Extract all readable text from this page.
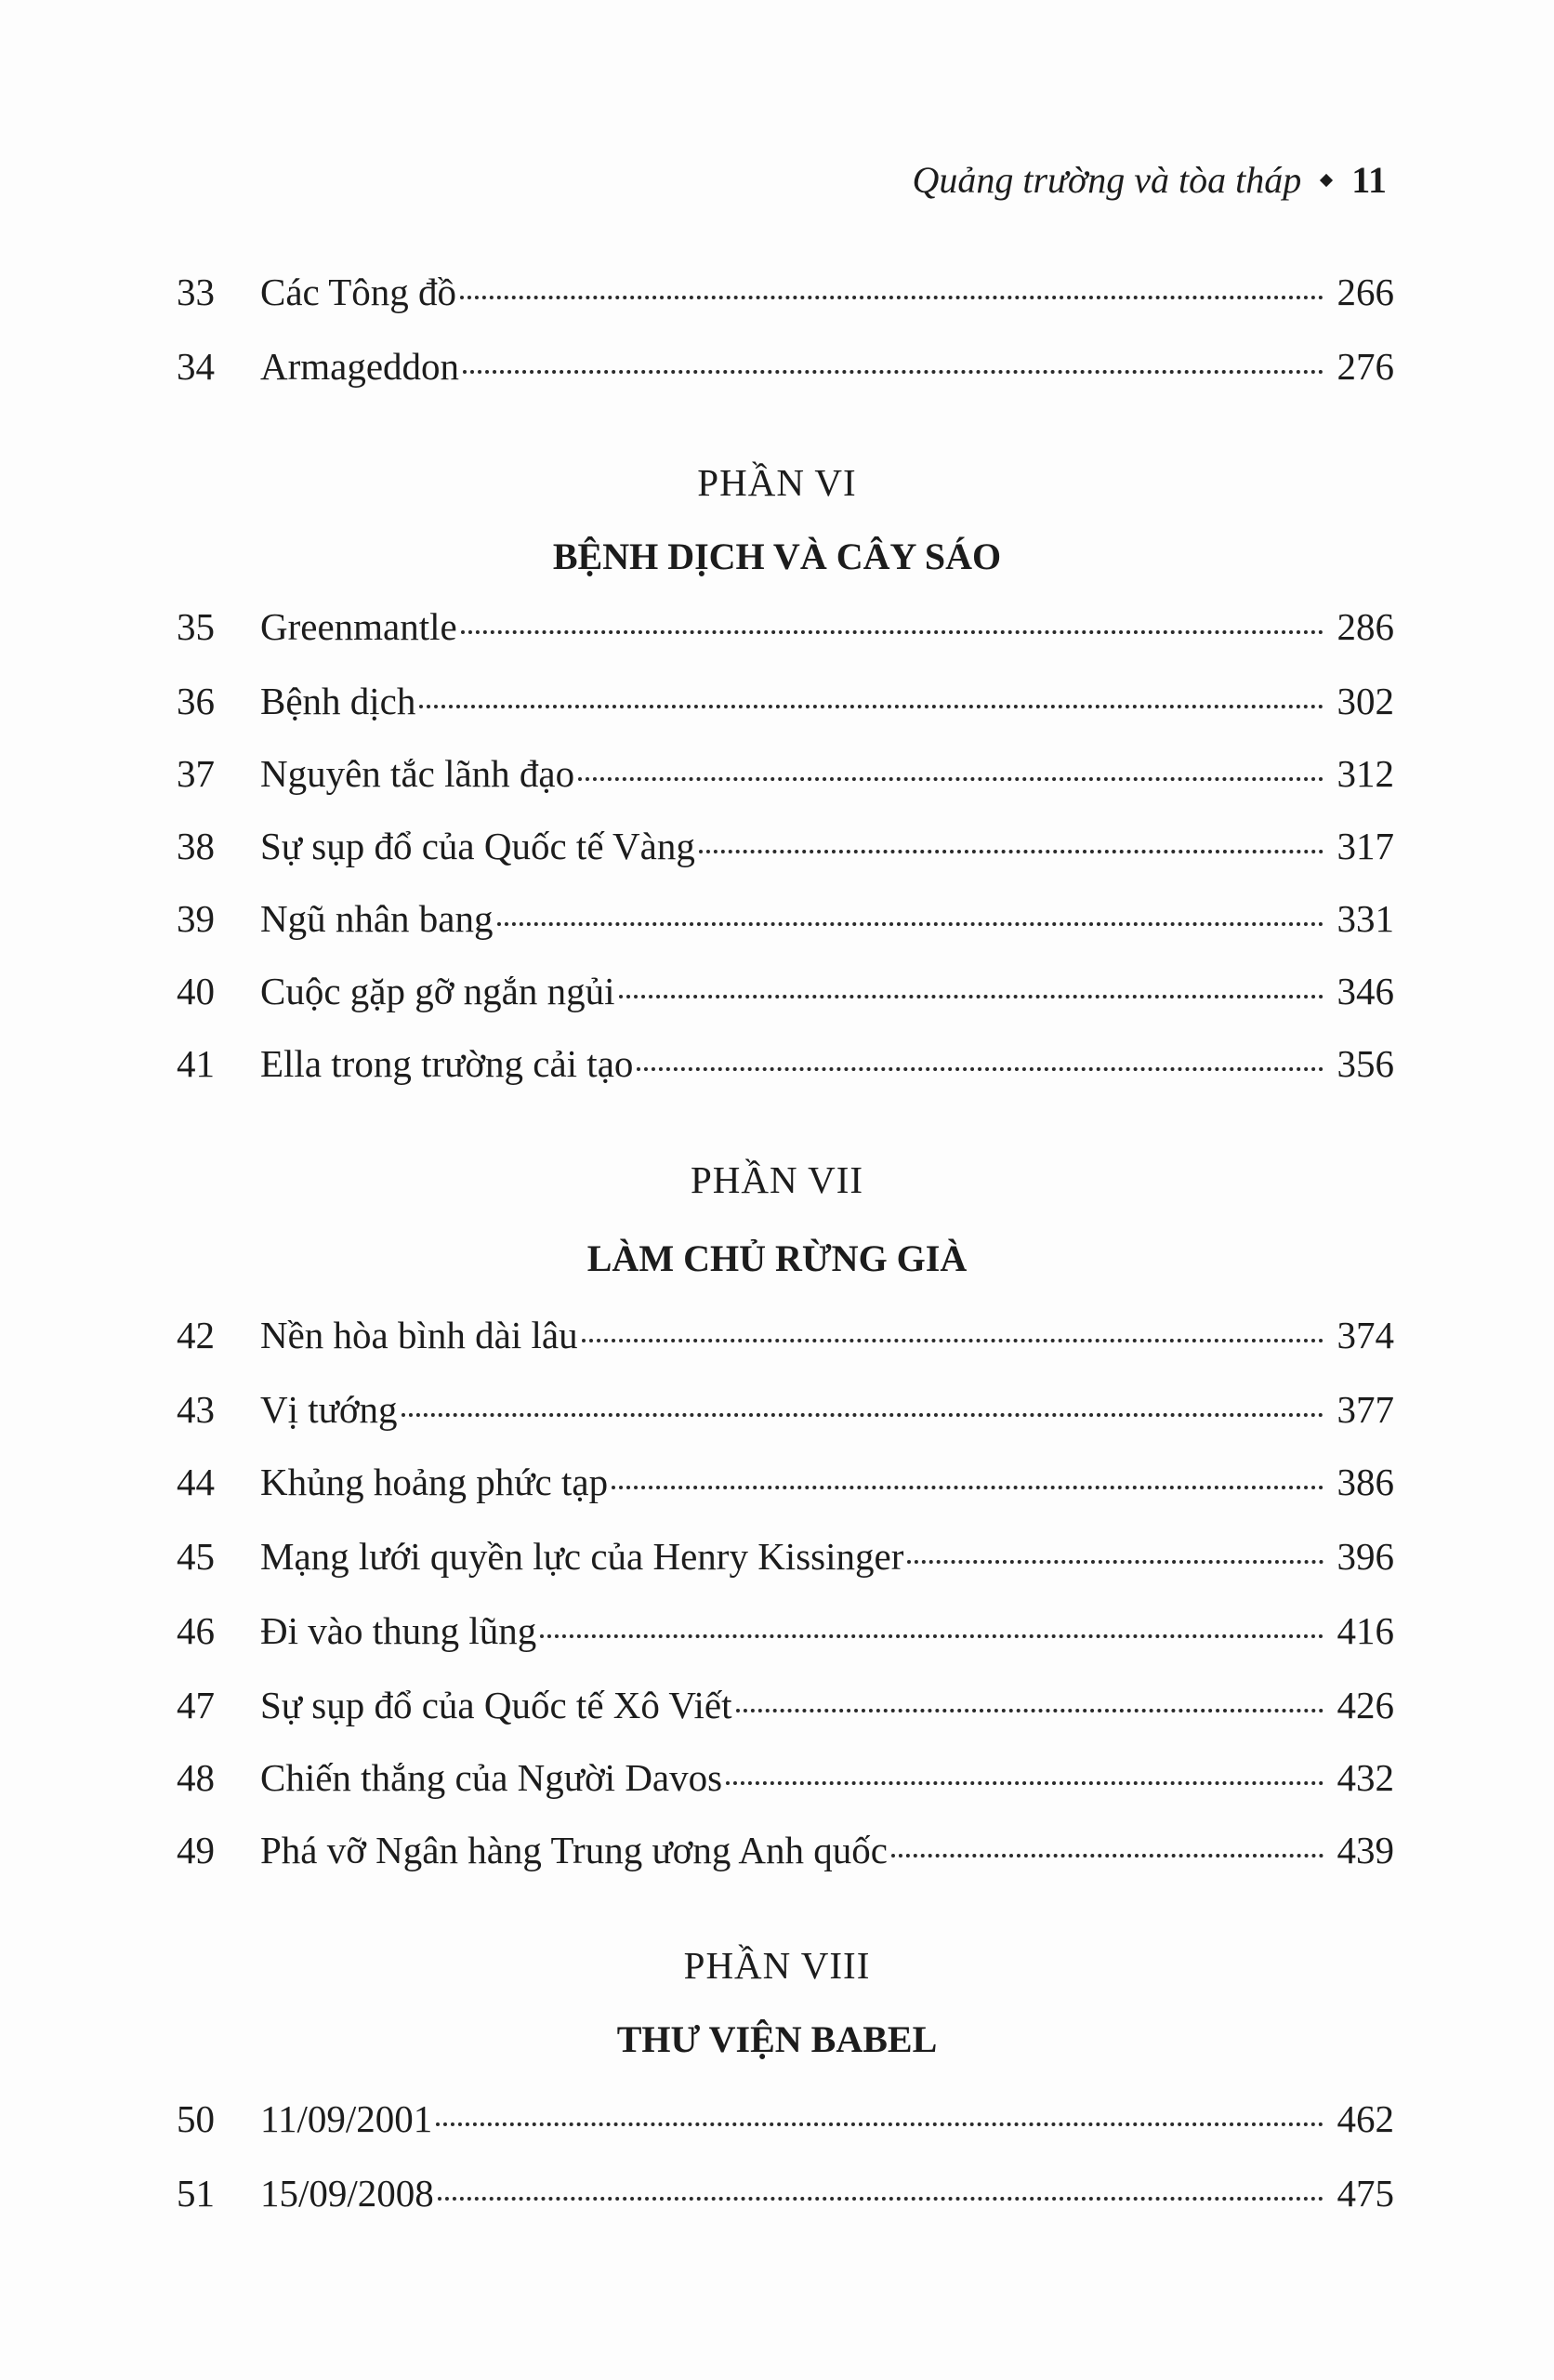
Quảng trường và tòa tháp 11
33	Các Tông đồ	266
34	Armageddon	276
PHẦN VI
BỆNH DỊCH VÀ CÂY SÁO
35	Greenmantle	286
36	Bệnh dịch	302
37	Nguyên tắc lãnh đạo	312
38	Sự sụp đổ của Quốc tế Vàng	317
39	Ngũ nhân bang	331
40	Cuộc gặp gỡ ngắn ngủi	346
41	Ella trong trường cải tạo	356
PHẦN VII
LÀM CHỦ RỪNG GIÀ
42	Nền hòa bình dài lâu	374
43	Vị tướng	377
44	Khủng hoảng phức tạp	386
45	Mạng lưới quyền lực của Henry Kissinger	396
46	Đi vào thung lũng	416
47	Sự sụp đổ của Quốc tế Xô Viết	426
48	Chiến thắng của Người Davos	432
49	Phá vỡ Ngân hàng Trung ương Anh quốc	439
PHẦN VIII
THƯ VIỆN BABEL
50	11/09/2001	462
51	15/09/2008	475
